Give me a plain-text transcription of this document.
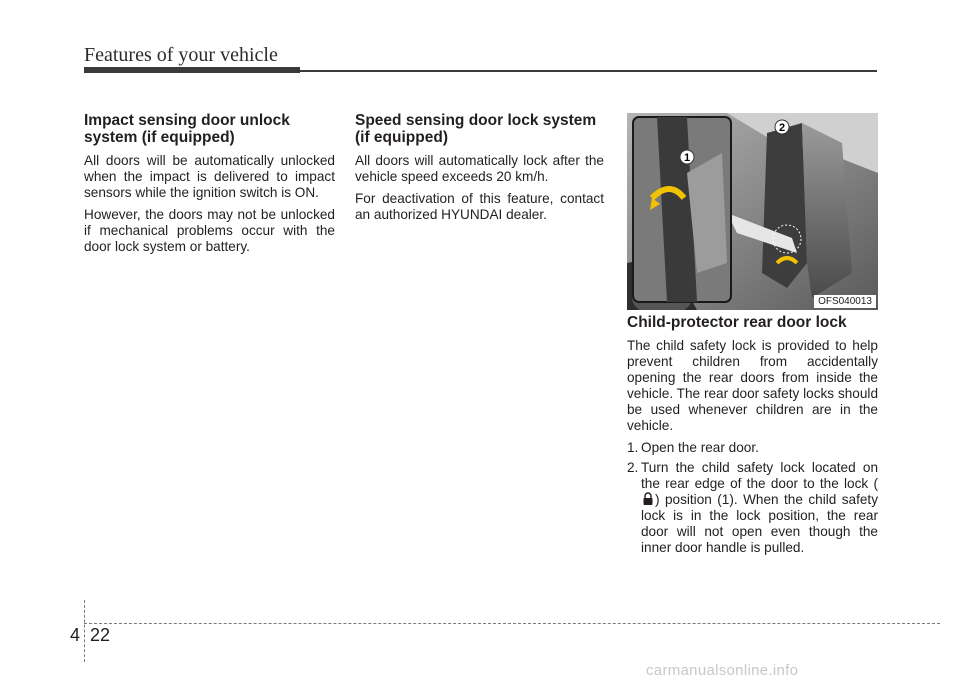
Features of your vehicle
Impact sensing door unlock system (if equipped)

All doors will be automatically unlocked when the impact is delivered to impact sensors while the ignition switch is ON.

However, the doors may not be unlocked if mechanical problems occur with the door lock system or battery.

Speed sensing door lock system (if equipped)

All doors will automatically lock after the vehicle speed exceeds 20 km/h.

For deactivation of this feature, contact an authorized HYUNDAI dealer.

1
2
OFS040013
Child-protector rear door lock

The child safety lock is provided to help prevent children from accidentally opening the rear doors from inside the vehicle. The rear door safety locks should be used whenever children are in the vehicle.

1. Open the rear door.
2. Turn the child safety lock located on the rear edge of the door to the lock () position (1). When the child safety lock is in the lock position, the rear door will not open even though the inner door handle is pulled.
4 22
carmanualsonline.info
